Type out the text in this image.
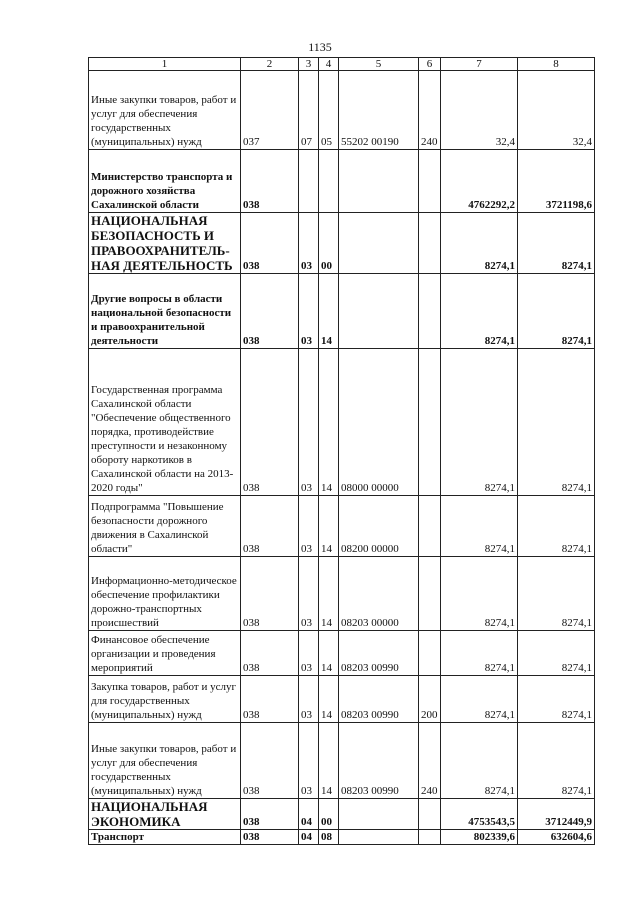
1135
1	2	3	4	5	6	7	8
Иные закупки товаров, работ и услуг для обеспечения государственных (муниципальных) нужд	037	07	05	55202 00190	240	32,4	32,4
Министерство транспорта и дорожного хозяйства Сахалинской области	038					4762292,2	3721198,6
НАЦИОНАЛЬНАЯ БЕЗОПАСНОСТЬ И ПРАВООХРАНИТЕЛЬ-НАЯ ДЕЯТЕЛЬНОСТЬ	038	03	00			8274,1	8274,1
Другие вопросы в области национальной безопасности и правоохранительной деятельности	038	03	14			8274,1	8274,1
Государственная программа Сахалинской области "Обеспечение общественного порядка, противодействие преступности и незаконному обороту наркотиков в Сахалинской области на 2013-2020 годы"	038	03	14	08000 00000		8274,1	8274,1
Подпрограмма "Повышение безопасности дорожного движения в Сахалинской области"	038	03	14	08200 00000		8274,1	8274,1
Информационно-методическое обеспечение профилактики дорожно-транспортных происшествий	038	03	14	08203 00000		8274,1	8274,1
Финансовое обеспечение организации и проведения мероприятий	038	03	14	08203 00990		8274,1	8274,1
Закупка товаров, работ и услуг для государственных (муниципальных) нужд	038	03	14	08203 00990	200	8274,1	8274,1
Иные закупки товаров, работ и услуг для обеспечения государственных (муниципальных) нужд	038	03	14	08203 00990	240	8274,1	8274,1
НАЦИОНАЛЬНАЯ ЭКОНОМИКА	038	04	00			4753543,5	3712449,9
Транспорт	038	04	08			802339,6	632604,6
